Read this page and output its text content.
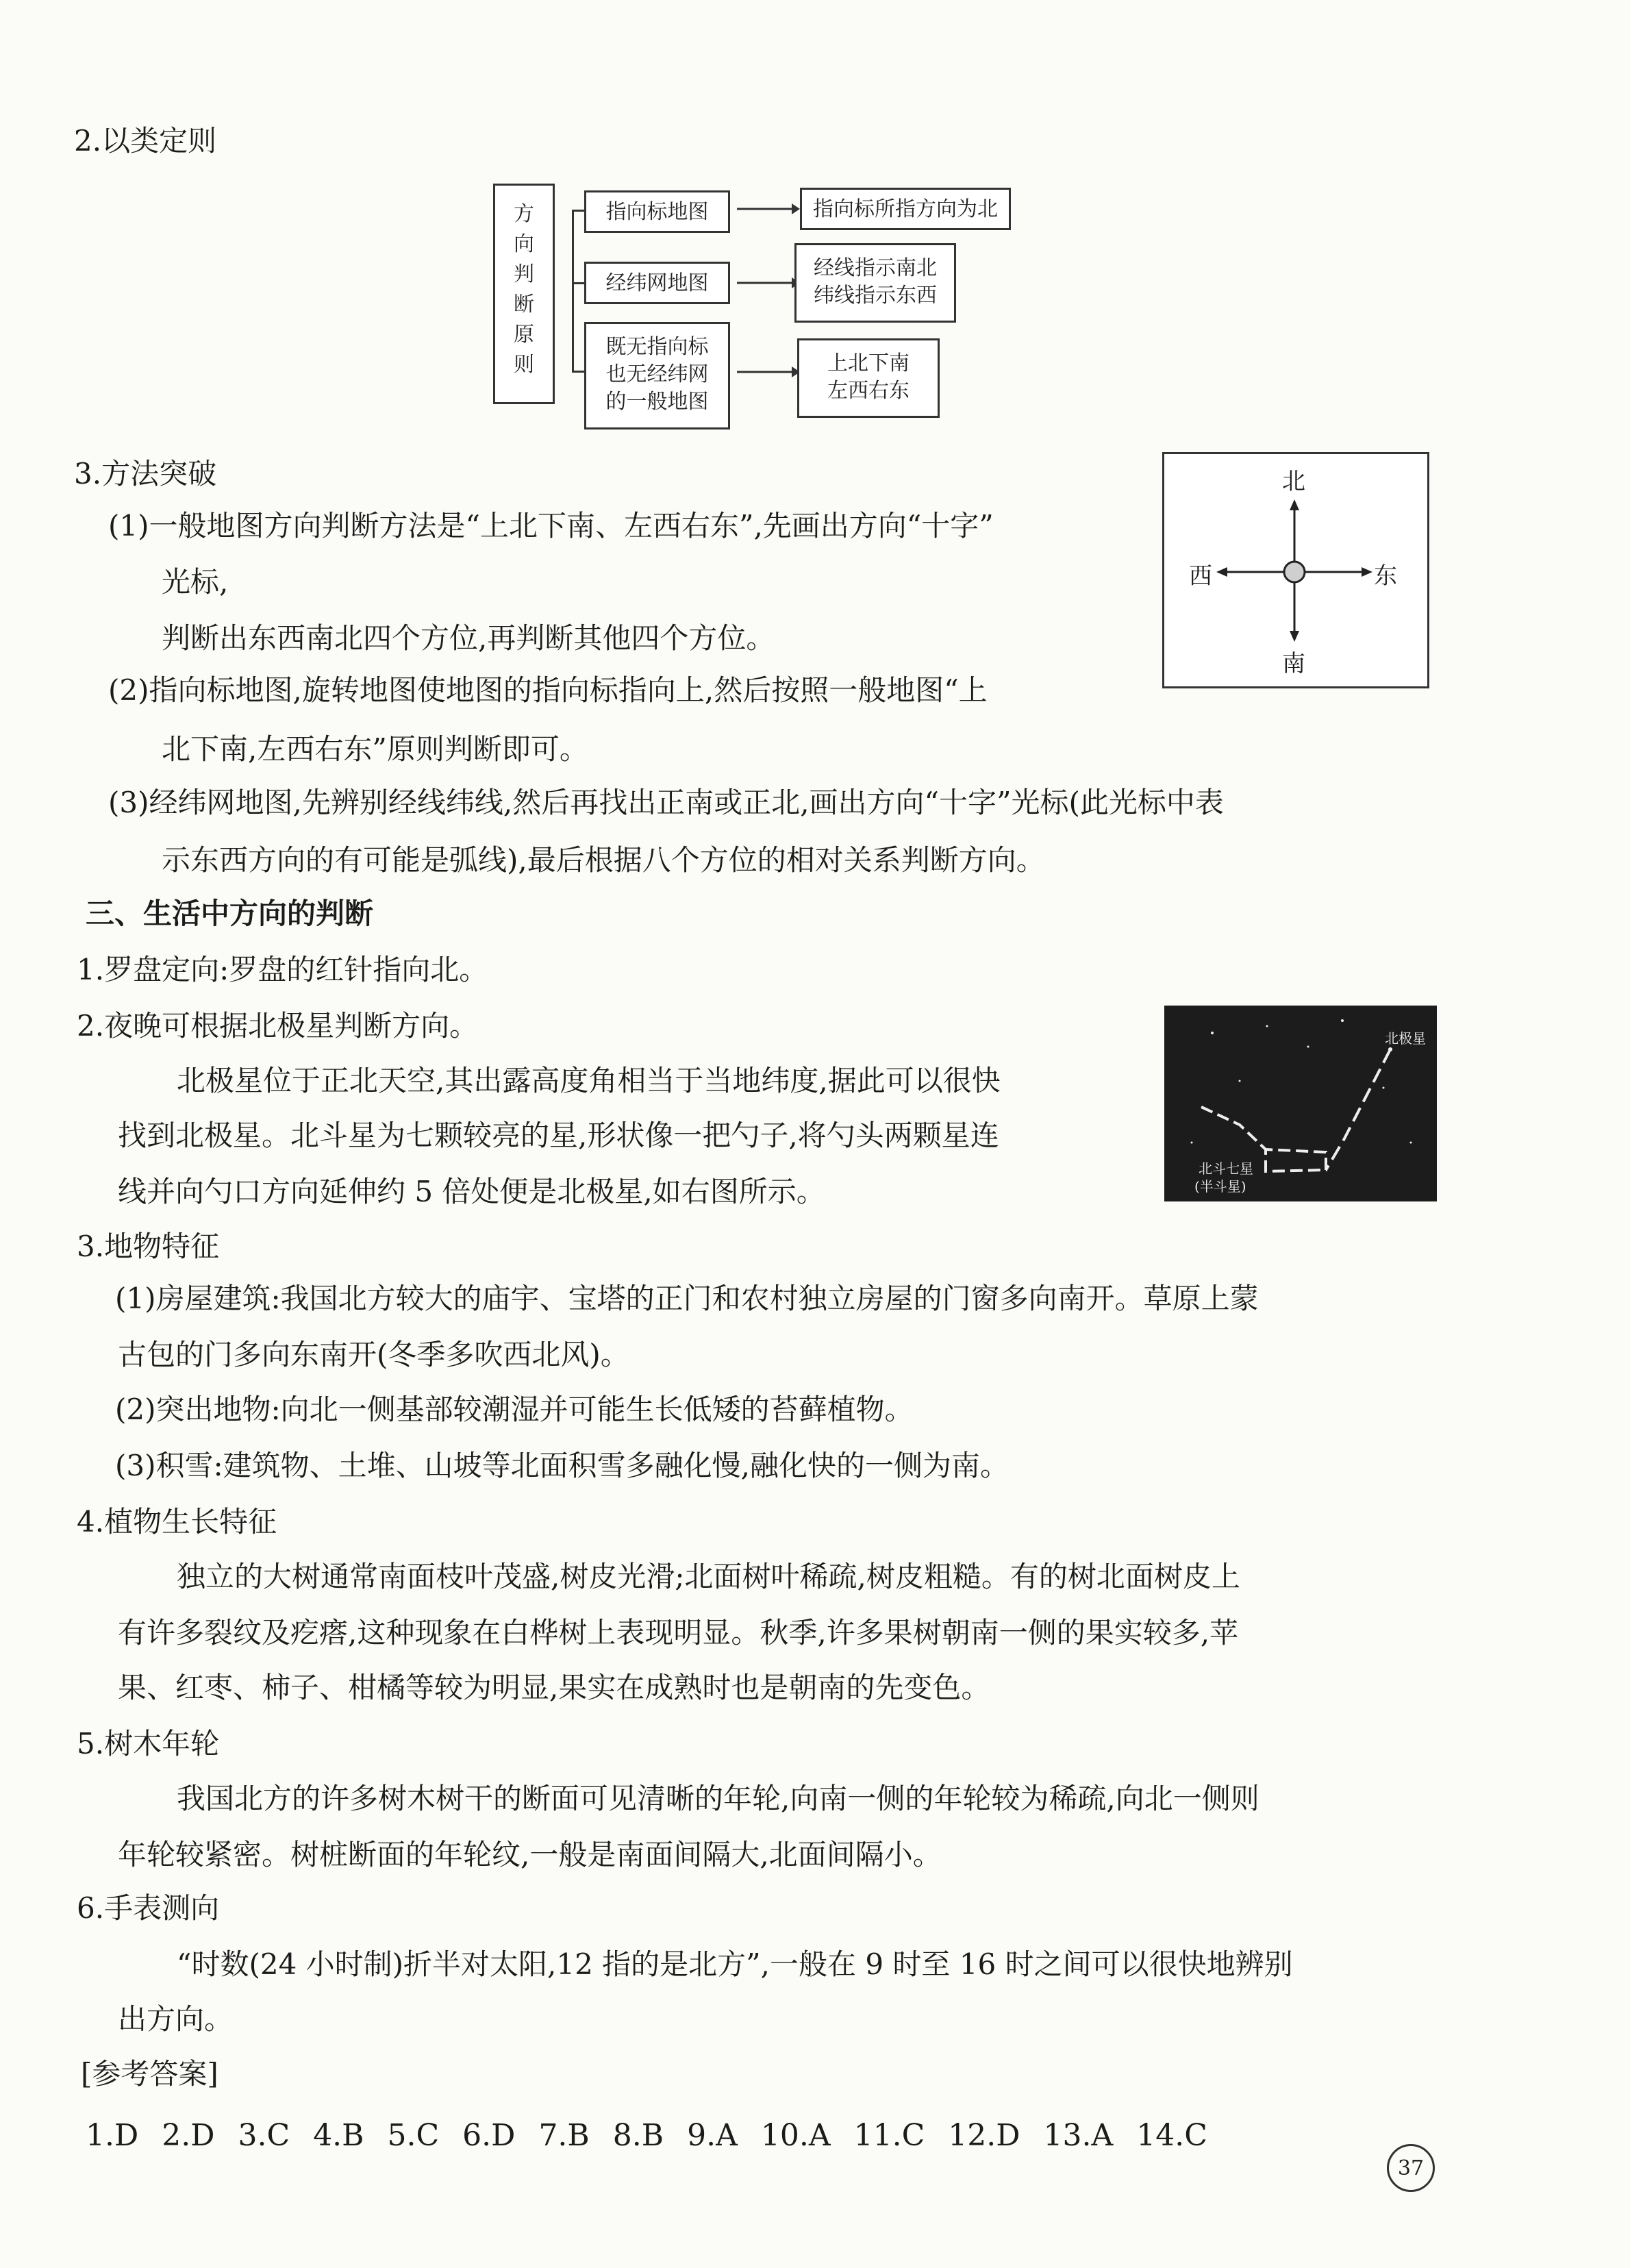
2.以类定则
方向判断原则
指向标地图	指向标所指方向为北
经纬网地图
经线指示南北
纬线指示东西
既无指向标
也无经纬网
的一般地图
上北下南
左西右东
3.方法突破
(1)一般地图方向判断方法是“上北下南、左西右东”,先画出方向“十字”
光标,
判断出东西南北四个方位,再判断其他四个方位。
(2)指向标地图,旋转地图使地图的指向标指向上,然后按照一般地图“上
北下南,左西右东”原则判断即可。
(3)经纬网地图,先辨别经线纬线,然后再找出正南或正北,画出方向“十字”光标(此光标中表
示东西方向的有可能是弧线),最后根据八个方位的相对关系判断方向。
北
南
东
西
三、生活中方向的判断
1.罗盘定向:罗盘的红针指向北。
2.夜晚可根据北极星判断方向。
北极星位于正北天空,其出露高度角相当于当地纬度,据此可以很快
找到北极星。北斗星为七颗较亮的星,形状像一把勺子,将勺头两颗星连
线并向勺口方向延伸约 5 倍处便是北极星,如右图所示。
北极星
北斗七星
(半斗星)
3.地物特征
(1)房屋建筑:我国北方较大的庙宇、宝塔的正门和农村独立房屋的门窗多向南开。草原上蒙
古包的门多向东南开(冬季多吹西北风)。
(2)突出地物:向北一侧基部较潮湿并可能生长低矮的苔藓植物。
(3)积雪:建筑物、土堆、山坡等北面积雪多融化慢,融化快的一侧为南。
4.植物生长特征
独立的大树通常南面枝叶茂盛,树皮光滑;北面树叶稀疏,树皮粗糙。有的树北面树皮上
有许多裂纹及疙瘩,这种现象在白桦树上表现明显。秋季,许多果树朝南一侧的果实较多,苹
果、红枣、柿子、柑橘等较为明显,果实在成熟时也是朝南的先变色。
5.树木年轮
我国北方的许多树木树干的断面可见清晰的年轮,向南一侧的年轮较为稀疏,向北一侧则
年轮较紧密。树桩断面的年轮纹,一般是南面间隔大,北面间隔小。
6.手表测向
“时数(24 小时制)折半对太阳,12 指的是北方”,一般在 9 时至 16 时之间可以很快地辨别
出方向。
[参考答案]
1.D 2.D 3.C 4.B 5.C 6.D 7.B 8.B 9.A 10.A 11.C 12.D 13.A 14.C
37
